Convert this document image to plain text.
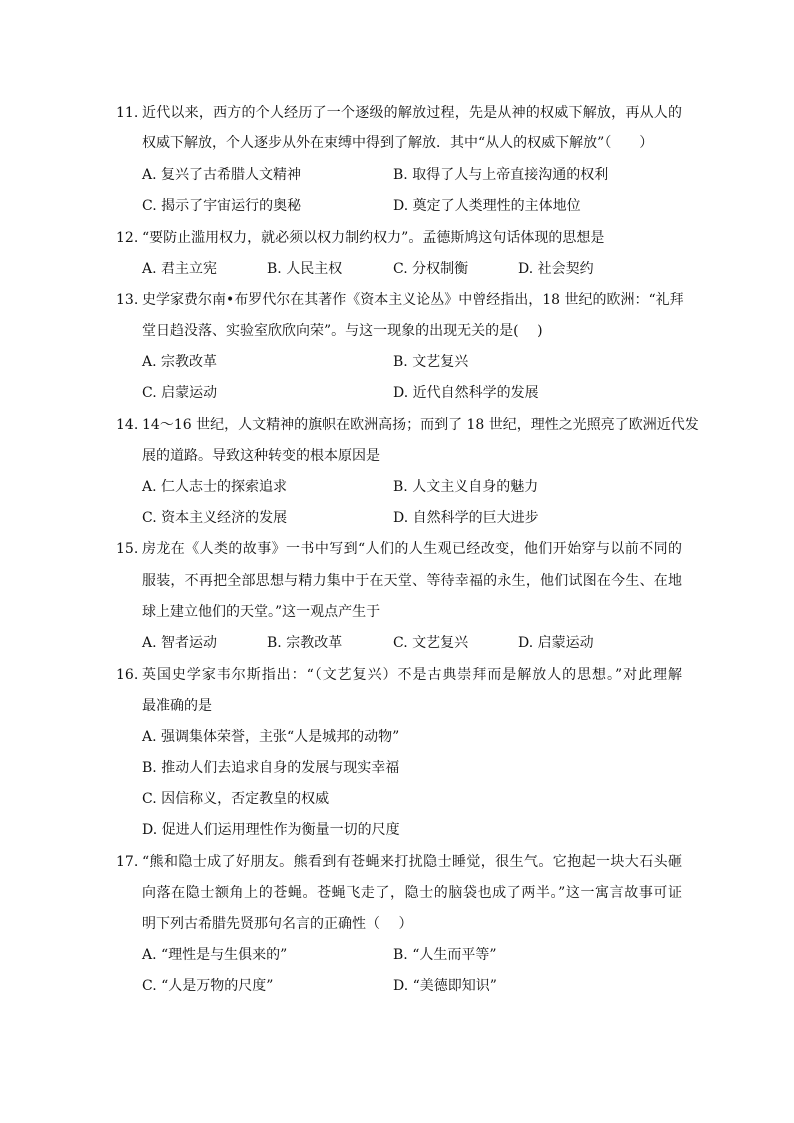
11. 近代以来，西方的个人经历了一个逐级的解放过程，先是从神的权威下解放，再从人的
权威下解放，个人逐步从外在束缚中得到了解放．其中“从人的权威下解放”（　　）
A. 复兴了古希腊人文精神	B. 取得了人与上帝直接沟通的权利
C. 揭示了宇宙运行的奥秘	D. 奠定了人类理性的主体地位
12. “要防止滥用权力，就必须以权力制约权力”。孟德斯鸠这句话体现的思想是
A. 君主立宪	B. 人民主权	C. 分权制衡	D. 社会契约
13. 史学家费尔南•布罗代尔在其著作《资本主义论丛》中曾经指出，18 世纪的欧洲：“礼拜
堂日趋没落、实验室欣欣向荣”。与这一现象的出现无关的是(　 )
A. 宗教改革	B. 文艺复兴
C. 启蒙运动	D. 近代自然科学的发展
14. 14～16 世纪，人文精神的旗帜在欧洲高扬；而到了 18 世纪，理性之光照亮了欧洲近代发
展的道路。导致这种转变的根本原因是
A. 仁人志士的探索追求	B. 人文主义自身的魅力
C. 资本主义经济的发展	D. 自然科学的巨大进步
15. 房龙在《人类的故事》一书中写到“人们的人生观已经改变，他们开始穿与以前不同的
服装，不再把全部思想与精力集中于在天堂、等待幸福的永生，他们试图在今生、在地
球上建立他们的天堂。”这一观点产生于
A. 智者运动	B. 宗教改革	C. 文艺复兴	D. 启蒙运动
16. 英国史学家韦尔斯指出：“（文艺复兴）不是古典崇拜而是解放人的思想。”对此理解
最准确的是
A. 强调集体荣誉，主张“人是城邦的动物”
B. 推动人们去追求自身的发展与现实幸福
C. 因信称义，否定教皇的权威
D. 促进人们运用理性作为衡量一切的尺度
17. “熊和隐士成了好朋友。熊看到有苍蝇来打扰隐士睡觉，很生气。它抱起一块大石头砸
向落在隐士额角上的苍蝇。苍蝇飞走了，隐士的脑袋也成了两半。”这一寓言故事可证
明下列古希腊先贤那句名言的正确性（　 ）
A. “理性是与生俱来的”	B. “人生而平等”
C. “人是万物的尺度”	D. “美德即知识”
